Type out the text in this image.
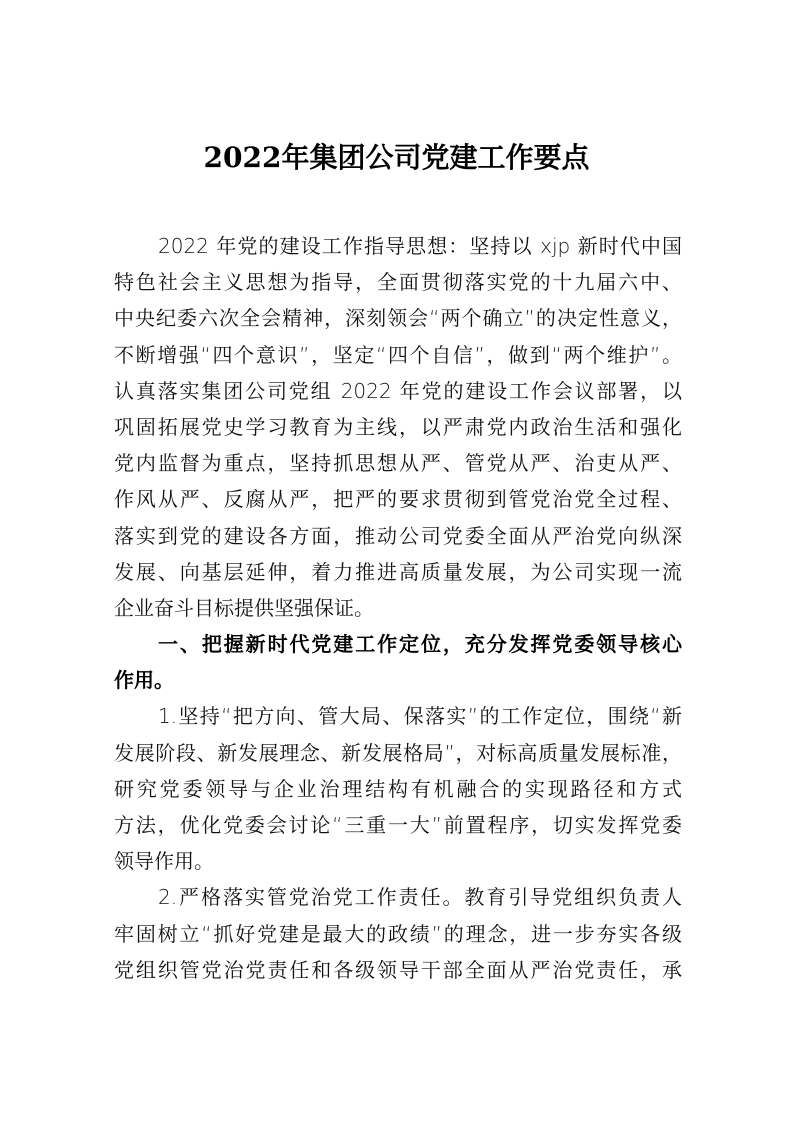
2022年集团公司党建工作要点
2022 年党的建设工作指导思想：坚持以 xjp 新时代中国
特色社会主义思想为指导，全面贯彻落实党的十九届六中、
中央纪委六次全会精神，深刻领会“两个确立”的决定性意义，
不断增强“四个意识”，坚定“四个自信”，做到“两个维护”。
认真落实集团公司党组 2022 年党的建设工作会议部署，以
巩固拓展党史学习教育为主线，以严肃党内政治生活和强化
党内监督为重点，坚持抓思想从严、管党从严、治吏从严、
作风从严、反腐从严，把严的要求贯彻到管党治党全过程、
落实到党的建设各方面，推动公司党委全面从严治党向纵深
发展、向基层延伸，着力推进高质量发展，为公司实现一流
企业奋斗目标提供坚强保证。
一、把握新时代党建工作定位，充分发挥党委领导核心
作用。
1.坚持“把方向、管大局、保落实”的工作定位，围绕“新
发展阶段、新发展理念、新发展格局”，对标高质量发展标准，
研究党委领导与企业治理结构有机融合的实现路径和方式
方法，优化党委会讨论“三重一大”前置程序，切实发挥党委
领导作用。
2.严格落实管党治党工作责任。教育引导党组织负责人
牢固树立“抓好党建是最大的政绩”的理念，进一步夯实各级
党组织管党治党责任和各级领导干部全面从严治党责任，承
